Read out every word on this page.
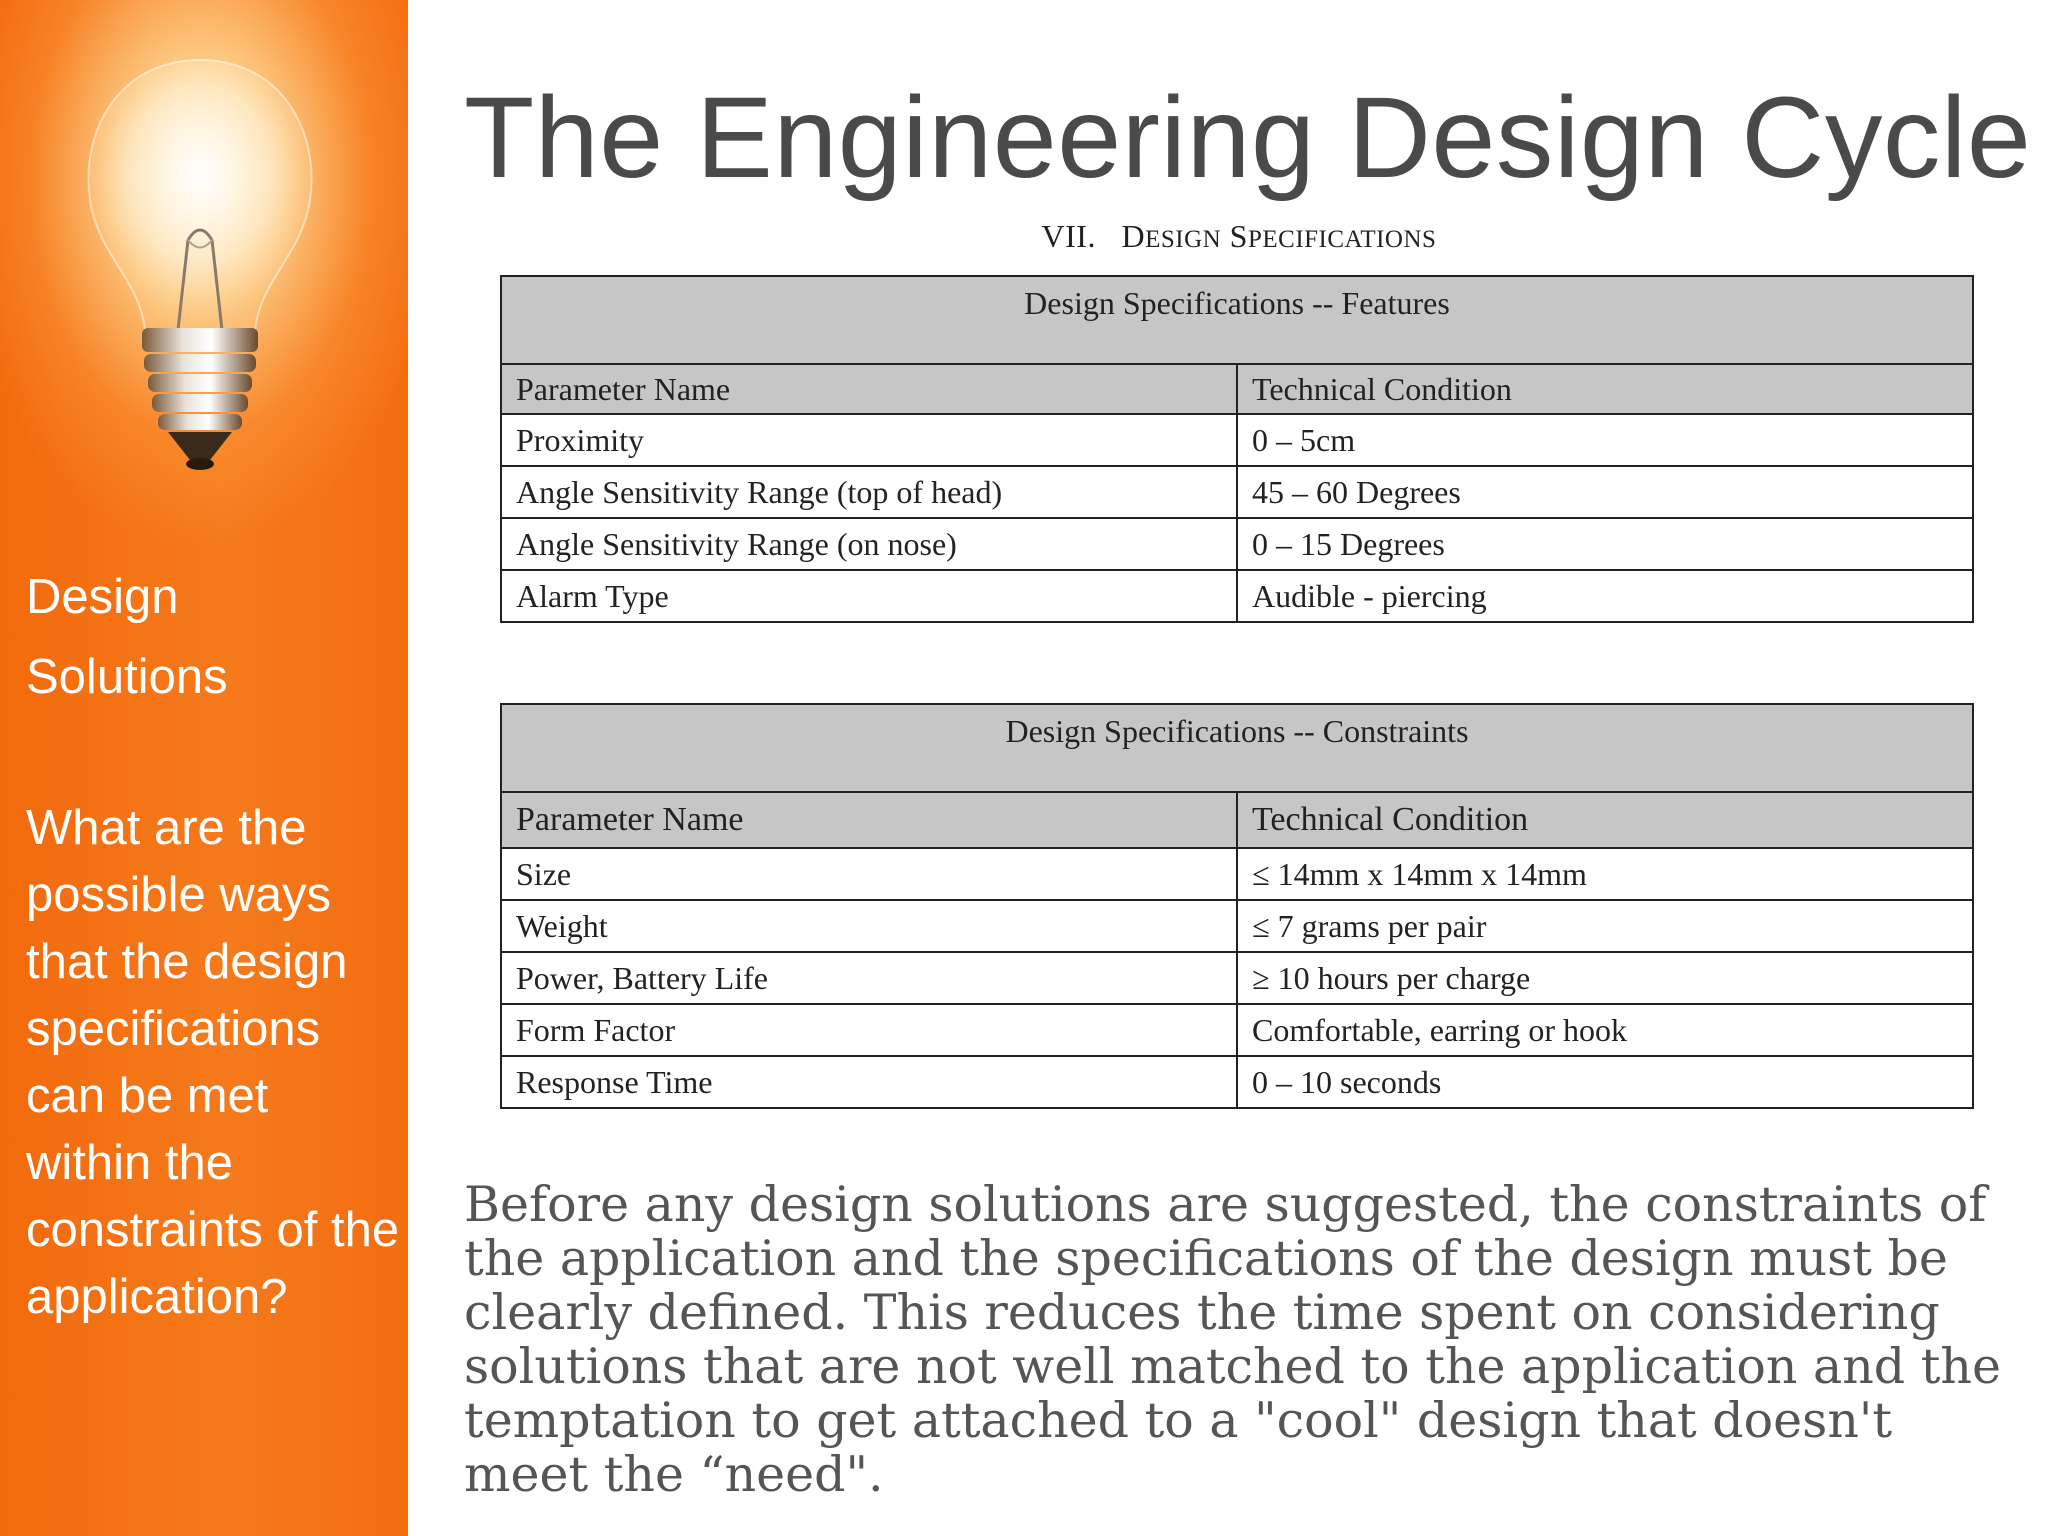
Design
Solutions
What are the possible ways that the design specifications can be met within the constraints of the application?
The Engineering Design Cycle
VII. DESIGN SPECIFICATIONS
Design Specifications -- Features	
Parameter Name	Technical Condition
Proximity	0 – 5cm
Angle Sensitivity Range (top of head)	45 – 60 Degrees
Angle Sensitivity Range (on nose)	0 – 15 Degrees
Alarm Type	Audible - piercing
Design Specifications -- Constraints	
Parameter Name	Technical Condition
Size	≤ 14mm x 14mm x 14mm
Weight	≤ 7 grams per pair
Power, Battery Life	≥ 10 hours per charge
Form Factor	Comfortable, earring or hook
Response Time	0 – 10 seconds

Before any design solutions are suggested, the constraints of the application and the specifications of the design must be clearly defined. This reduces the time spent on considering solutions that are not well matched to the application and the temptation to get attached to a "cool" design that doesn't meet the “need".
